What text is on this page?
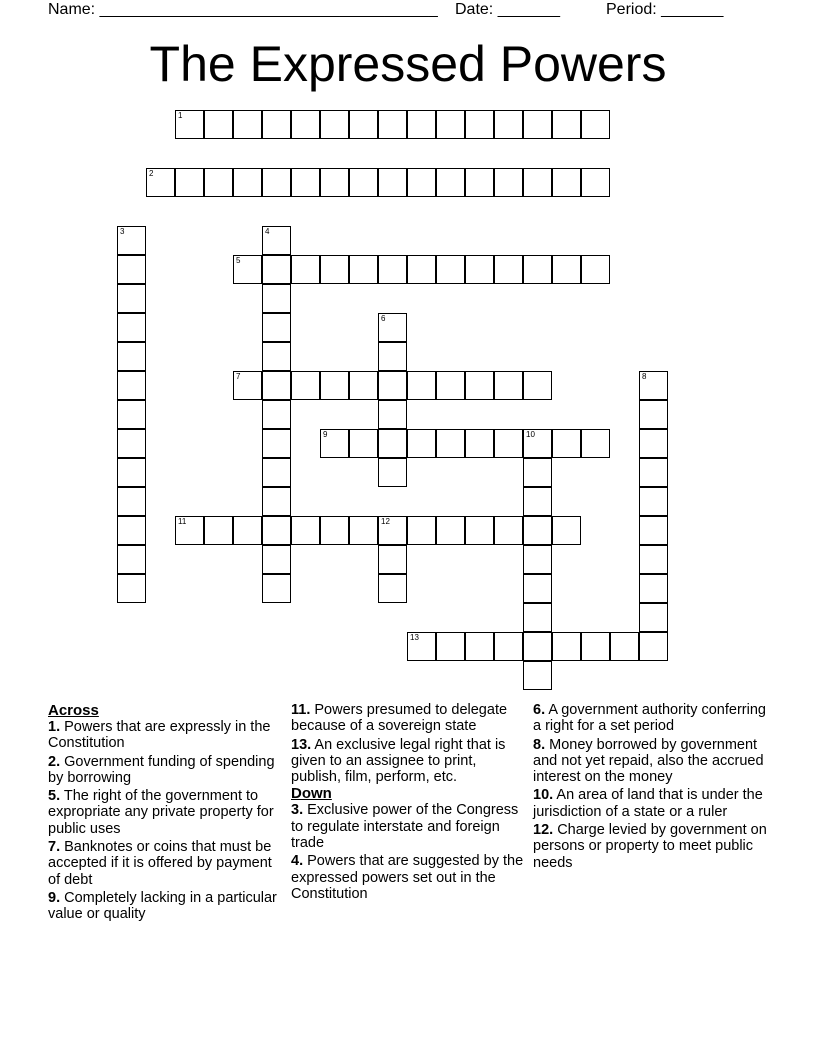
Name: ______________________________________ Date: _______	Period: _______
The Expressed Powers
1
2
3	4
5
6
7	8
9	10
11	12
13
Across
1. Powers that are expressly in the Constitution
2. Government funding of spending by borrowing
5. The right of the government to expropriate any private property for public uses
7. Banknotes or coins that must be accepted if it is offered by payment of debt
9. Completely lacking in a particular value or quality
11. Powers presumed to delegate because of a sovereign state
13. An exclusive legal right that is given to an assignee to print, publish, film, perform, etc.
Down
3. Exclusive power of the Congress to regulate interstate and foreign trade
4. Powers that are suggested by the expressed powers set out in the Constitution
6. A government authority conferring a right for a set period
8. Money borrowed by government and not yet repaid, also the accrued interest on the money
10. An area of land that is under the jurisdiction of a state or a ruler
12. Charge levied by government on persons or property to meet public needs
